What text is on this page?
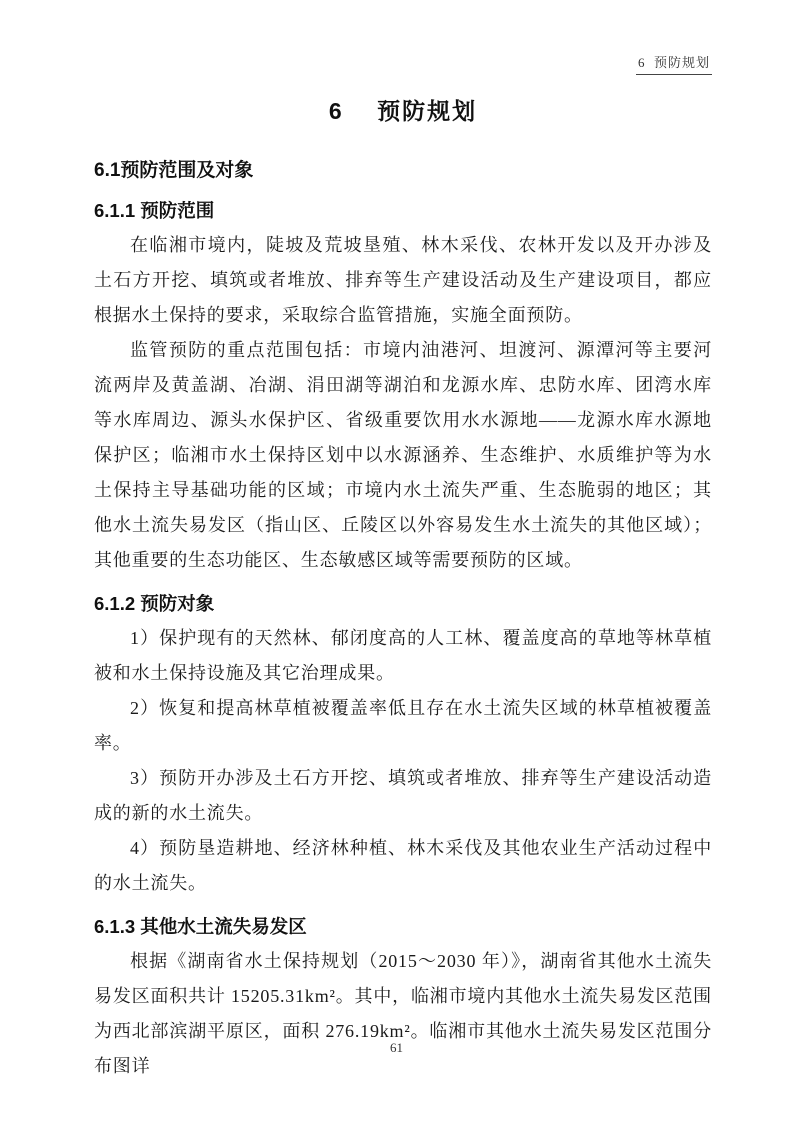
6  预防规划
6　 预防规划
6.1预防范围及对象
6.1.1 预防范围

在临湘市境内，陡坡及荒坡垦殖、林木采伐、农林开发以及开办涉及土石方开挖、填筑或者堆放、排弃等生产建设活动及生产建设项目，都应根据水土保持的要求，采取综合监管措施，实施全面预防。

监管预防的重点范围包括：市境内油港河、坦渡河、源潭河等主要河流两岸及黄盖湖、冶湖、涓田湖等湖泊和龙源水库、忠防水库、团湾水库等水库周边、源头水保护区、省级重要饮用水水源地——龙源水库水源地保护区；临湘市水土保持区划中以水源涵养、生态维护、水质维护等为水土保持主导基础功能的区域；市境内水土流失严重、生态脆弱的地区；其他水土流失易发区（指山区、丘陵区以外容易发生水土流失的其他区域）；其他重要的生态功能区、生态敏感区域等需要预防的区域。

6.1.2 预防对象

1）保护现有的天然林、郁闭度高的人工林、覆盖度高的草地等林草植被和水土保持设施及其它治理成果。

2）恢复和提高林草植被覆盖率低且存在水土流失区域的林草植被覆盖率。

3）预防开办涉及土石方开挖、填筑或者堆放、排弃等生产建设活动造成的新的水土流失。

4）预防垦造耕地、经济林种植、林木采伐及其他农业生产活动过程中的水土流失。

6.1.3 其他水土流失易发区

根据《湖南省水土保持规划（2015～2030 年）》，湖南省其他水土流失易发区面积共计 15205.31km²。其中，临湘市境内其他水土流失易发区范围为西北部滨湖平原区，面积 276.19km²。临湘市其他水土流失易发区范围分布图详

61
